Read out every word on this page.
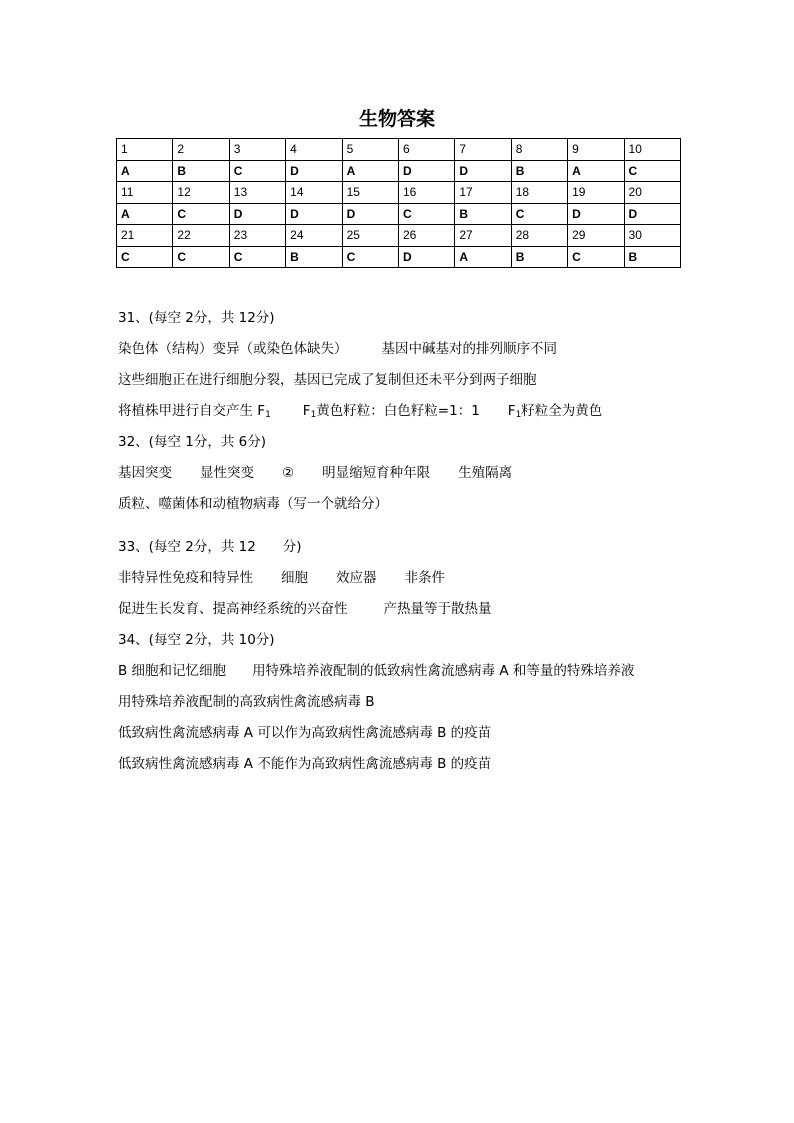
生物答案
1	2	3	4	5	6	7	8	9	10
A	B	C	D	A	D	D	B	A	C
11	12	13	14	15	16	17	18	19	20
A	C	D	D	D	C	B	C	D	D
21	22	23	24	25	26	27	28	29	30
C	C	C	B	C	D	A	B	C	B
31、(每空 2分，共 12分)
染色体（结构）变异（或染色体缺失）	基因中碱基对的排列顺序不同
这些细胞正在进行细胞分裂，基因已完成了复制但还未平分到两子细胞
将植株甲进行自交产生 $F_1$ $F_1$黄色籽粒：白色籽粒=1：1 $F_1$籽粒全为黄色
32、(每空 1分，共 6分)
基因突变 显性突变 ② 明显缩短育种年限 生殖隔离
质粒、噬菌体和动植物病毒（写一个就给分）
33、(每空 2分，共 12　　分)
非特异性免疫和特异性 细胞 效应器 非条件
促进生长发育、提高神经系统的兴奋性	产热量等于散热量
34、(每空 2分，共 10分)
B 细胞和记忆细胞 用特殊培养液配制的低致病性禽流感病毒 A 和等量的特殊培养液
用特殊培养液配制的高致病性禽流感病毒 B
低致病性禽流感病毒 A 可以作为高致病性禽流感病毒 B 的疫苗
低致病性禽流感病毒 A 不能作为高致病性禽流感病毒 B 的疫苗
